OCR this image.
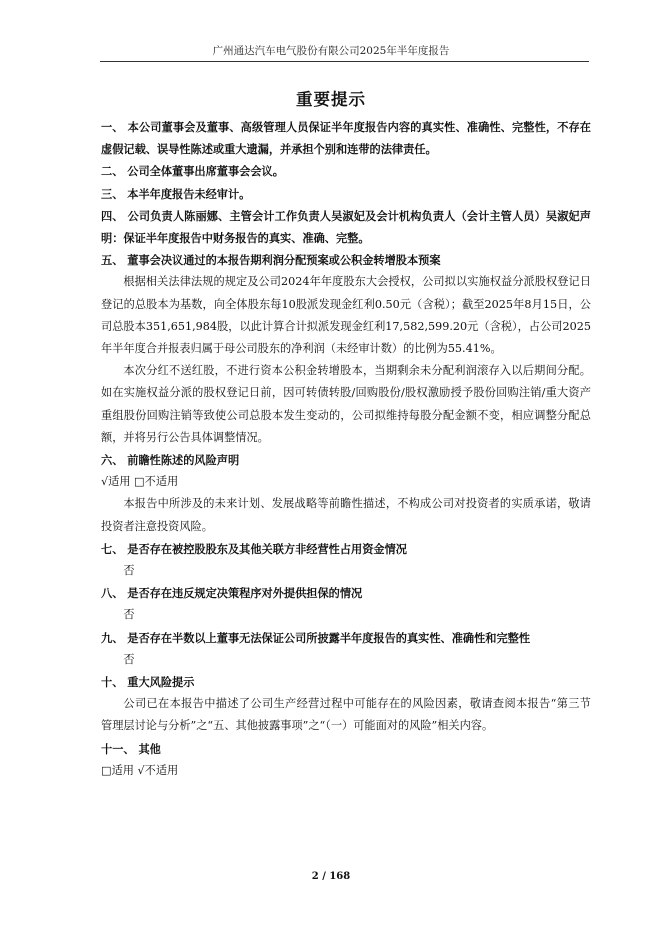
广州通达汽车电气股份有限公司2025年半年度报告
重要提示

一、 本公司董事会及董事、高级管理人员保证半年度报告内容的真实性、准确性、完整性，不存在虚假记载、误导性陈述或重大遗漏，并承担个别和连带的法律责任。

二、 公司全体董事出席董事会会议。

三、 本半年度报告未经审计。

四、 公司负责人陈丽娜、主管会计工作负责人吴淑妃及会计机构负责人（会计主管人员）吴淑妃声明：保证半年度报告中财务报告的真实、准确、完整。

五、 董事会决议通过的本报告期利润分配预案或公积金转增股本预案

根据相关法律法规的规定及公司2024年年度股东大会授权，公司拟以实施权益分派股权登记日登记的总股本为基数，向全体股东每10股派发现金红利0.50元（含税）；截至2025年8月15日，公司总股本351,651,984股，以此计算合计拟派发现金红利17,582,599.20元（含税），占公司2025年半年度合并报表归属于母公司股东的净利润（未经审计数）的比例为55.41%。

本次分红不送红股，不进行资本公积金转增股本，当期剩余未分配利润滚存入以后期间分配。如在实施权益分派的股权登记日前，因可转债转股/回购股份/股权激励授予股份回购注销/重大资产重组股份回购注销等致使公司总股本发生变动的，公司拟维持每股分配金额不变，相应调整分配总额，并将另行公告具体调整情况。

六、 前瞻性陈述的风险声明

√适用 □不适用

本报告中所涉及的未来计划、发展战略等前瞻性描述，不构成公司对投资者的实质承诺，敬请投资者注意投资风险。

七、 是否存在被控股股东及其他关联方非经营性占用资金情况

否

八、 是否存在违反规定决策程序对外提供担保的情况

否

九、 是否存在半数以上董事无法保证公司所披露半年度报告的真实性、准确性和完整性

否

十、 重大风险提示

公司已在本报告中描述了公司生产经营过程中可能存在的风险因素，敬请查阅本报告“第三节 管理层讨论与分析”之“五、其他披露事项”之“（一）可能面对的风险”相关内容。

十一、 其他

□适用 √不适用

2 / 168
